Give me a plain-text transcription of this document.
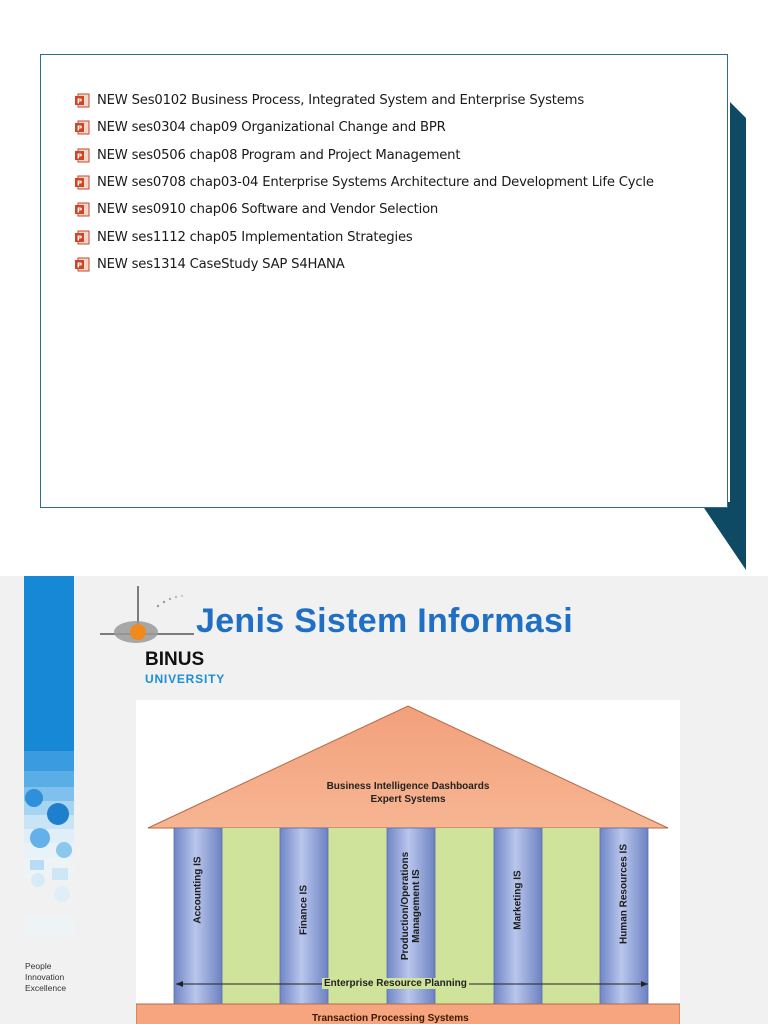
P NEW Ses0102 Business Process, Integrated System and Enterprise Systems
P NEW ses0304 chap09 Organizational Change and BPR
P NEW ses0506 chap08 Program and Project Management
P NEW ses0708 chap03-04 Enterprise Systems Architecture and Development Life Cycle
P NEW ses0910 chap06 Software and Vendor Selection
P NEW ses1112 chap05 Implementation Strategies
P NEW ses1314 CaseStudy SAP S4HANA
People
Innovation
Excellence
Jenis Sistem Informasi
BINUS
UNIVERSITY
Business Intelligence Dashboards
Expert Systems
Accounting IS	Finance IS	Production/Operations Management IS	Marketing IS	Human Resources IS
Enterprise Resource Planning
Transaction Processing Systems
